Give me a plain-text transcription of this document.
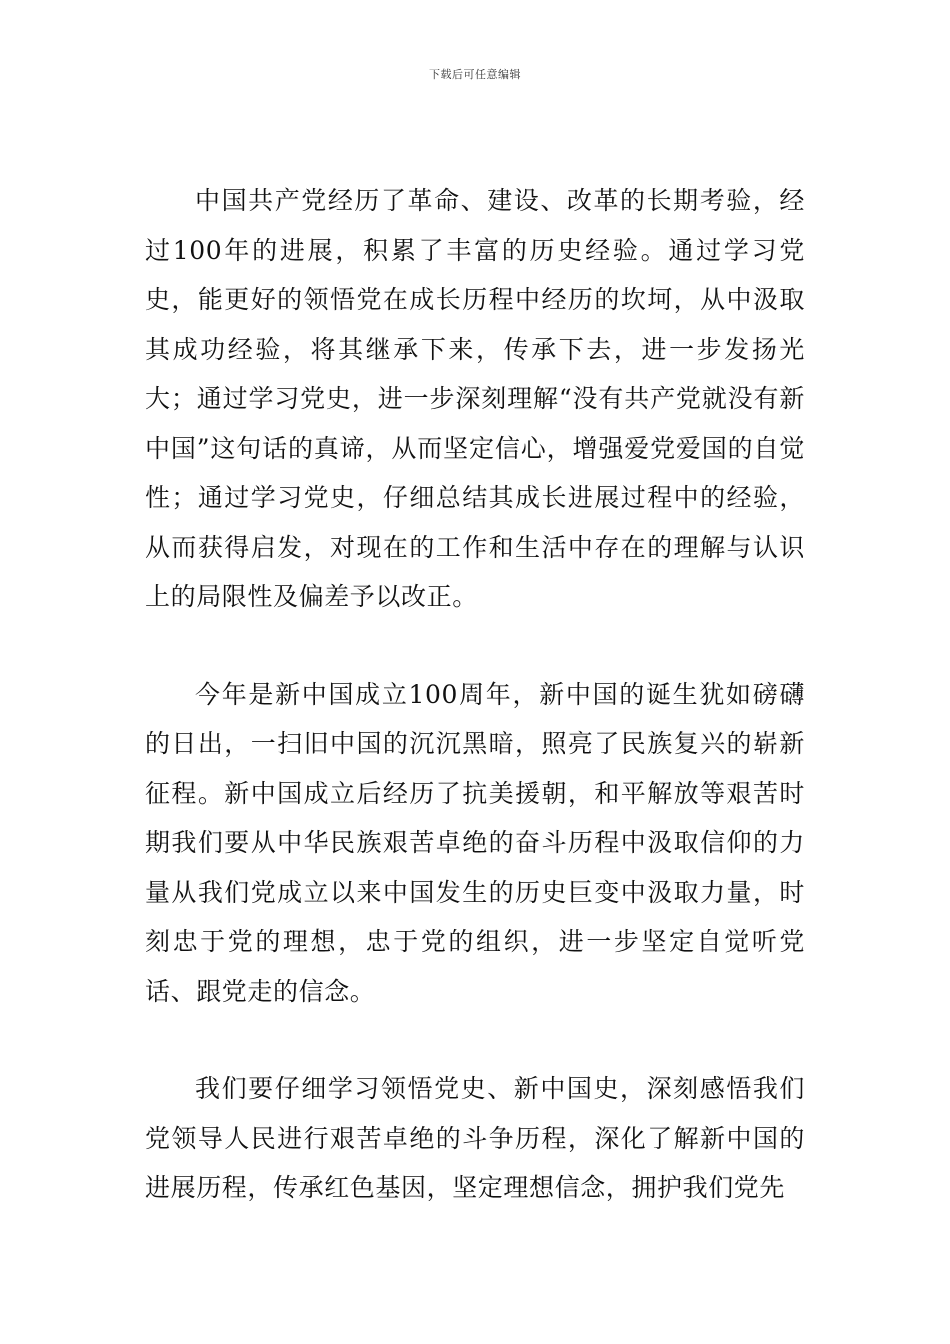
下载后可任意编辑

中国共产党经历了革命、建设、改革的长期考验，经过100年的进展，积累了丰富的历史经验。通过学习党史，能更好的领悟党在成长历程中经历的坎坷，从中汲取其成功经验，将其继承下来，传承下去，进一步发扬光大；通过学习党史，进一步深刻理解“没有共产党就没有新中国”这句话的真谛，从而坚定信心，增强爱党爱国的自觉性；通过学习党史，仔细总结其成长进展过程中的经验，从而获得启发，对现在的工作和生活中存在的理解与认识上的局限性及偏差予以改正。

今年是新中国成立100周年，新中国的诞生犹如磅礴的日出，一扫旧中国的沉沉黑暗，照亮了民族复兴的崭新征程。新中国成立后经历了抗美援朝，和平解放等艰苦时期我们要从中华民族艰苦卓绝的奋斗历程中汲取信仰的力量从我们党成立以来中国发生的历史巨变中汲取力量，时刻忠于党的理想，忠于党的组织，进一步坚定自觉听党话、跟党走的信念。

我们要仔细学习领悟党史、新中国史，深刻感悟我们党领导人民进行艰苦卓绝的斗争历程，深化了解新中国的进展历程，传承红色基因，坚定理想信念，拥护我们党先
